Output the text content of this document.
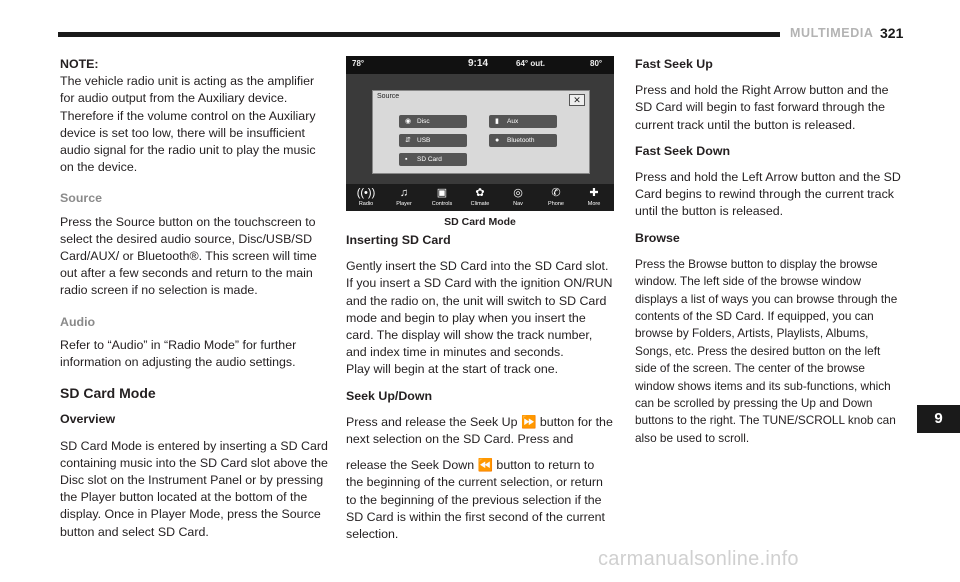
MULTIMEDIA 321

NOTE:
The vehicle radio unit is acting as the amplifier for audio output from the Auxiliary device. Therefore if the volume control on the Auxiliary device is set too low, there will be insufficient audio signal for the radio unit to play the music on the device.

Source

Press the Source button on the touchscreen to select the desired audio source, Disc/USB/SD Card/AUX/ or Bluetooth®. This screen will time out after a few seconds and return to the main radio screen if no selection is made.

Audio

Refer to “Audio” in “Radio Mode” for further information on adjusting the audio settings.

SD Card Mode
Overview

SD Card Mode is entered by inserting a SD Card containing music into the SD Card slot above the Disc slot on the Instrument Panel or by pressing the Player button located at the bottom of the display. Once in Player Mode, press the Source button and select SD Card.

78°	9:14	64° out.	80°
Source	✕
◉ Disc	▮ Aux
⇵ USB	● Bluetooth
▪ SD Card
((•))
Radio
♫
Player
▣
Controls
✿
Climate
◎
Nav
✆
Phone
✚
More
SD Card Mode
Inserting SD Card

Gently insert the SD Card into the SD Card slot. If you insert a SD Card with the ignition ON/RUN and the radio on, the unit will switch to SD Card mode and begin to play when you insert the card. The display will show the track number, and index time in minutes and seconds.

Play will begin at the start of track one.

Seek Up/Down

Press and release the Seek Up ⏩ button for the next selection on the SD Card. Press and

release the Seek Down ⏪ button to return to the beginning of the current selection, or return to the beginning of the previous selection if the SD Card is within the first second of the current selection.

Fast Seek Up

Press and hold the Right Arrow button and the SD Card will begin to fast forward through the current track until the button is released.

Fast Seek Down

Press and hold the Left Arrow button and the SD Card begins to rewind through the current track until the button is released.

Browse

Press the Browse button to display the browse window. The left side of the browse window displays a list of ways you can browse through the contents of the SD Card. If equipped, you can browse by Folders, Artists, Playlists, Albums, Songs, etc. Press the desired button on the left side of the screen. The center of the browse window shows items and its sub-functions, which can be scrolled by pressing the Up and Down buttons to the right. The TUNE/SCROLL knob can also be used to scroll.

9
carmanualsonline.info
